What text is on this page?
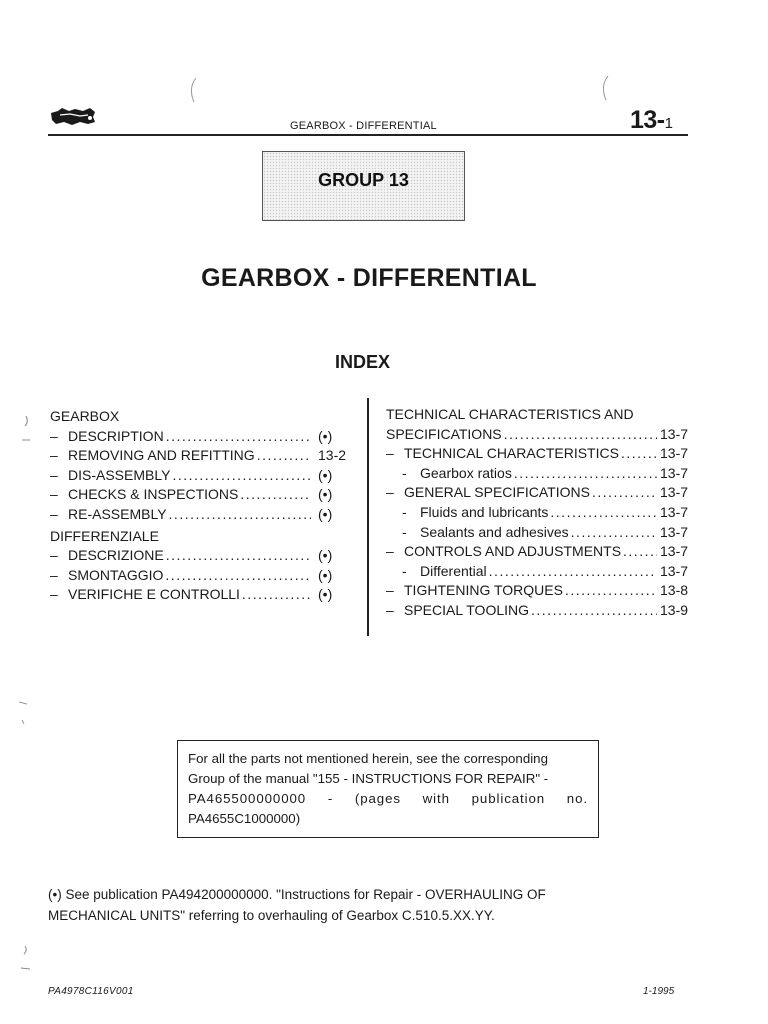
GEARBOX - DIFFERENTIAL	13-1
GROUP 13
GEARBOX - DIFFERENTIAL
INDEX
GEARBOX
– DESCRIPTION .....	(•)
– REMOVING AND REFITTING .....	13-2
– DIS-ASSEMBLY .....	(•)
– CHECKS & INSPECTIONS .....	(•)
– RE-ASSEMBLY .....	(•)
DIFFERENZIALE
– DESCRIZIONE .....	(•)
– SMONTAGGIO .....	(•)
– VERIFICHE E CONTROLLI .....	(•)
TECHNICAL CHARACTERISTICS AND
SPECIFICATIONS .....	13-7
– TECHNICAL CHARACTERISTICS .....	13-7
- Gearbox ratios .....	13-7
– GENERAL SPECIFICATIONS .....	13-7
- Fluids and lubricants .....	13-7
- Sealants and adhesives .....	13-7
– CONTROLS AND ADJUSTMENTS .....	13-7
- Differential .....	13-7
– TIGHTENING TORQUES .....	13-8
– SPECIAL TOOLING .....	13-9
For all the parts not mentioned herein, see the corresponding
Group of the manual "155 - INSTRUCTIONS FOR REPAIR" -
PA465500000000 - (pages with publication no.
PA4655C1000000)
(•) See publication PA494200000000. "Instructions for Repair - OVERHAULING OF
MECHANICAL UNITS" referring to overhauling of Gearbox C.510.5.XX.YY.
PA4978C116V001	1-1995
